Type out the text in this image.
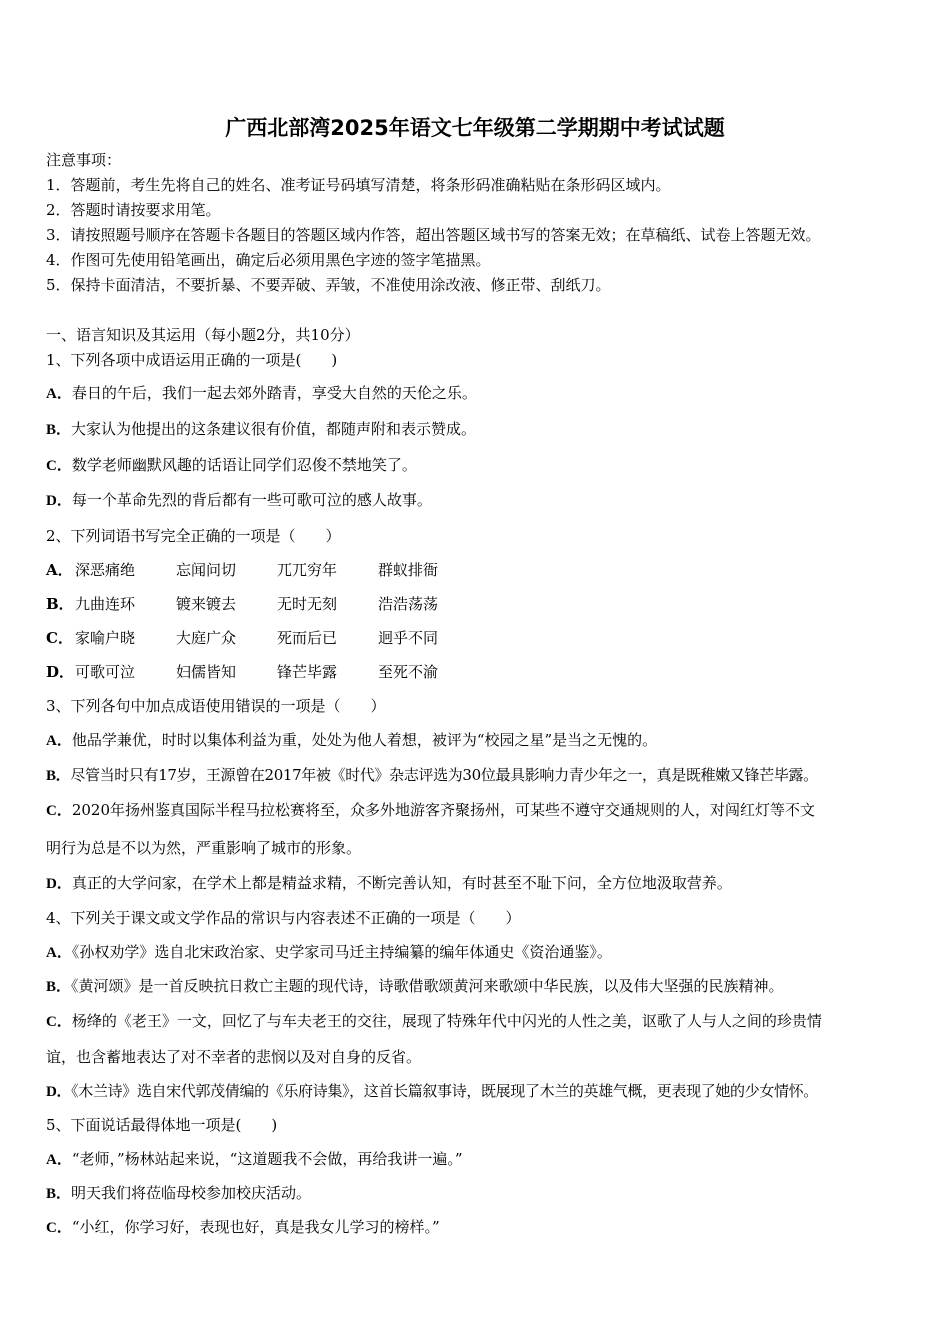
广西北部湾2025年语文七年级第二学期期中考试试题
注意事项：
1．答题前，考生先将自己的姓名、准考证号码填写清楚，将条形码准确粘贴在条形码区域内。
2．答题时请按要求用笔。
3．请按照题号顺序在答题卡各题目的答题区域内作答，超出答题区域书写的答案无效；在草稿纸、试卷上答题无效。
4．作图可先使用铅笔画出，确定后必须用黑色字迹的签字笔描黑。
5．保持卡面清洁，不要折暴、不要弄破、弄皱，不准使用涂改液、修正带、刮纸刀。
一、语言知识及其运用（每小题2分，共10分）
1、下列各项中成语运用正确的一项是(　　)
A．春日的午后，我们一起去郊外踏青，享受大自然的天伦之乐。
B．大家认为他提出的这条建议很有价值，都随声附和表示赞成。
C．数学老师幽默风趣的话语让同学们忍俊不禁地笑了。
D．每一个革命先烈的背后都有一些可歌可泣的感人故事。
2、下列词语书写完全正确的一项是（　　）
A． 深恶痛绝	忘闻问切	兀兀穷年	群蚁排衙
B．九曲连环	镀来镀去	无时无刻	浩浩荡荡
C． 家喻户晓	大庭广众	死而后已	迥乎不同
D．可歌可泣	妇儒皆知	锋芒毕露	至死不渝
3、下列各句中加点成语使用错误的一项是（　　）
A．他品学兼优，时时以集体利益为重，处处为他人着想，被评为“校园之星”是当之无愧的。
B．尽管当时只有17岁，王源曾在2017年被《时代》杂志评选为30位最具影响力青少年之一，真是既稚嫩又锋芒毕露。
C．2020年扬州鉴真国际半程马拉松赛将至，众多外地游客齐聚扬州，可某些不遵守交通规则的人，对闯红灯等不文
明行为总是不以为然，严重影响了城市的形象。
D．真正的大学问家，在学术上都是精益求精，不断完善认知，有时甚至不耻下问，全方位地汲取营养。
4、下列关于课文或文学作品的常识与内容表述不正确的一项是（　　）
A．《孙权劝学》选自北宋政治家、史学家司马迁主持编纂的编年体通史《资治通鉴》。
B．《黄河颂》是一首反映抗日救亡主题的现代诗，诗歌借歌颂黄河来歌颂中华民族，以及伟大坚强的民族精神。
C．杨绛的《老王》一文，回忆了与车夫老王的交往，展现了特殊年代中闪光的人性之美，讴歌了人与人之间的珍贵情
谊，也含蓄地表达了对不幸者的悲悯以及对自身的反省。
D．《木兰诗》选自宋代郭茂倩编的《乐府诗集》，这首长篇叙事诗，既展现了木兰的英雄气概，更表现了她的少女情怀。
5、下面说话最得体地一项是(　　)
A．“老师，”杨林站起来说，“这道题我不会做，再给我讲一遍。”
B．明天我们将莅临母校参加校庆活动。
C．“小红，你学习好，表现也好，真是我女儿学习的榜样。”
